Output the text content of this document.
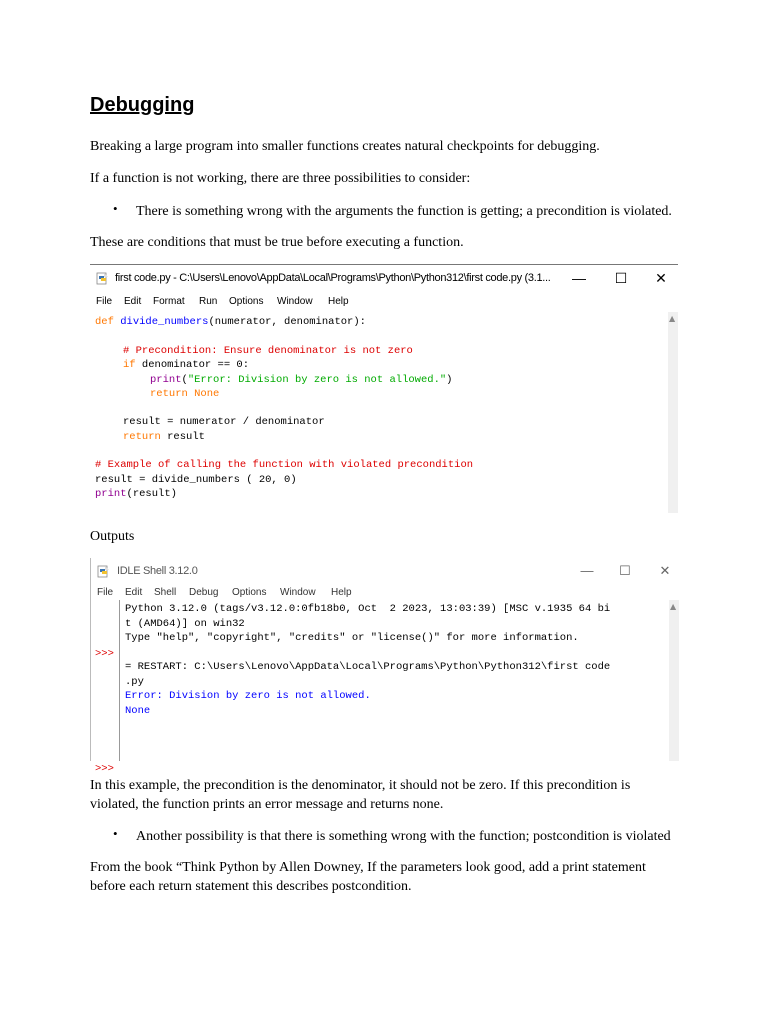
Debugging
Breaking a large program into smaller functions creates natural checkpoints for debugging.
If a function is not working, there are three possibilities to consider:
• There is something wrong with the arguments the function is getting; a precondition is violated.
These are conditions that must be true before executing a function.
first code.py - C:\Users\Lenovo\AppData\Local\Programs\Python\Python312\first code.py (3.1...	—	☐	✕
File Edit Format Run Options Window Help
def divide_numbers(numerator, denominator):
# Precondition: Ensure denominator is not zero
if denominator == 0:
print("Error: Division by zero is not allowed.")
return None
result = numerator / denominator
return result
# Example of calling the function with violated precondition
result = divide_numbers ( 20, 0)
print(result)
▲
Outputs
IDLE Shell 3.12.0	—	☐	✕
File Edit Shell Debug Options Window Help
>>>
>>>
Python 3.12.0 (tags/v3.12.0:0fb18b0, Oct  2 2023, 13:03:39) [MSC v.1935 64 bi
t (AMD64)] on win32
Type "help", "copyright", "credits" or "license()" for more information.

= RESTART: C:\Users\Lenovo\AppData\Local\Programs\Python\Python312\first code
.py
Error: Division by zero is not allowed.
None
▲
In this example, the precondition is the denominator, it should not be zero. If this precondition is
violated, the function prints an error message and returns none.
• Another possibility is that there is something wrong with the function; postcondition is violated
From the book “Think Python by Allen Downey, If the parameters look good, add a print statement
before each return statement this describes postcondition.
